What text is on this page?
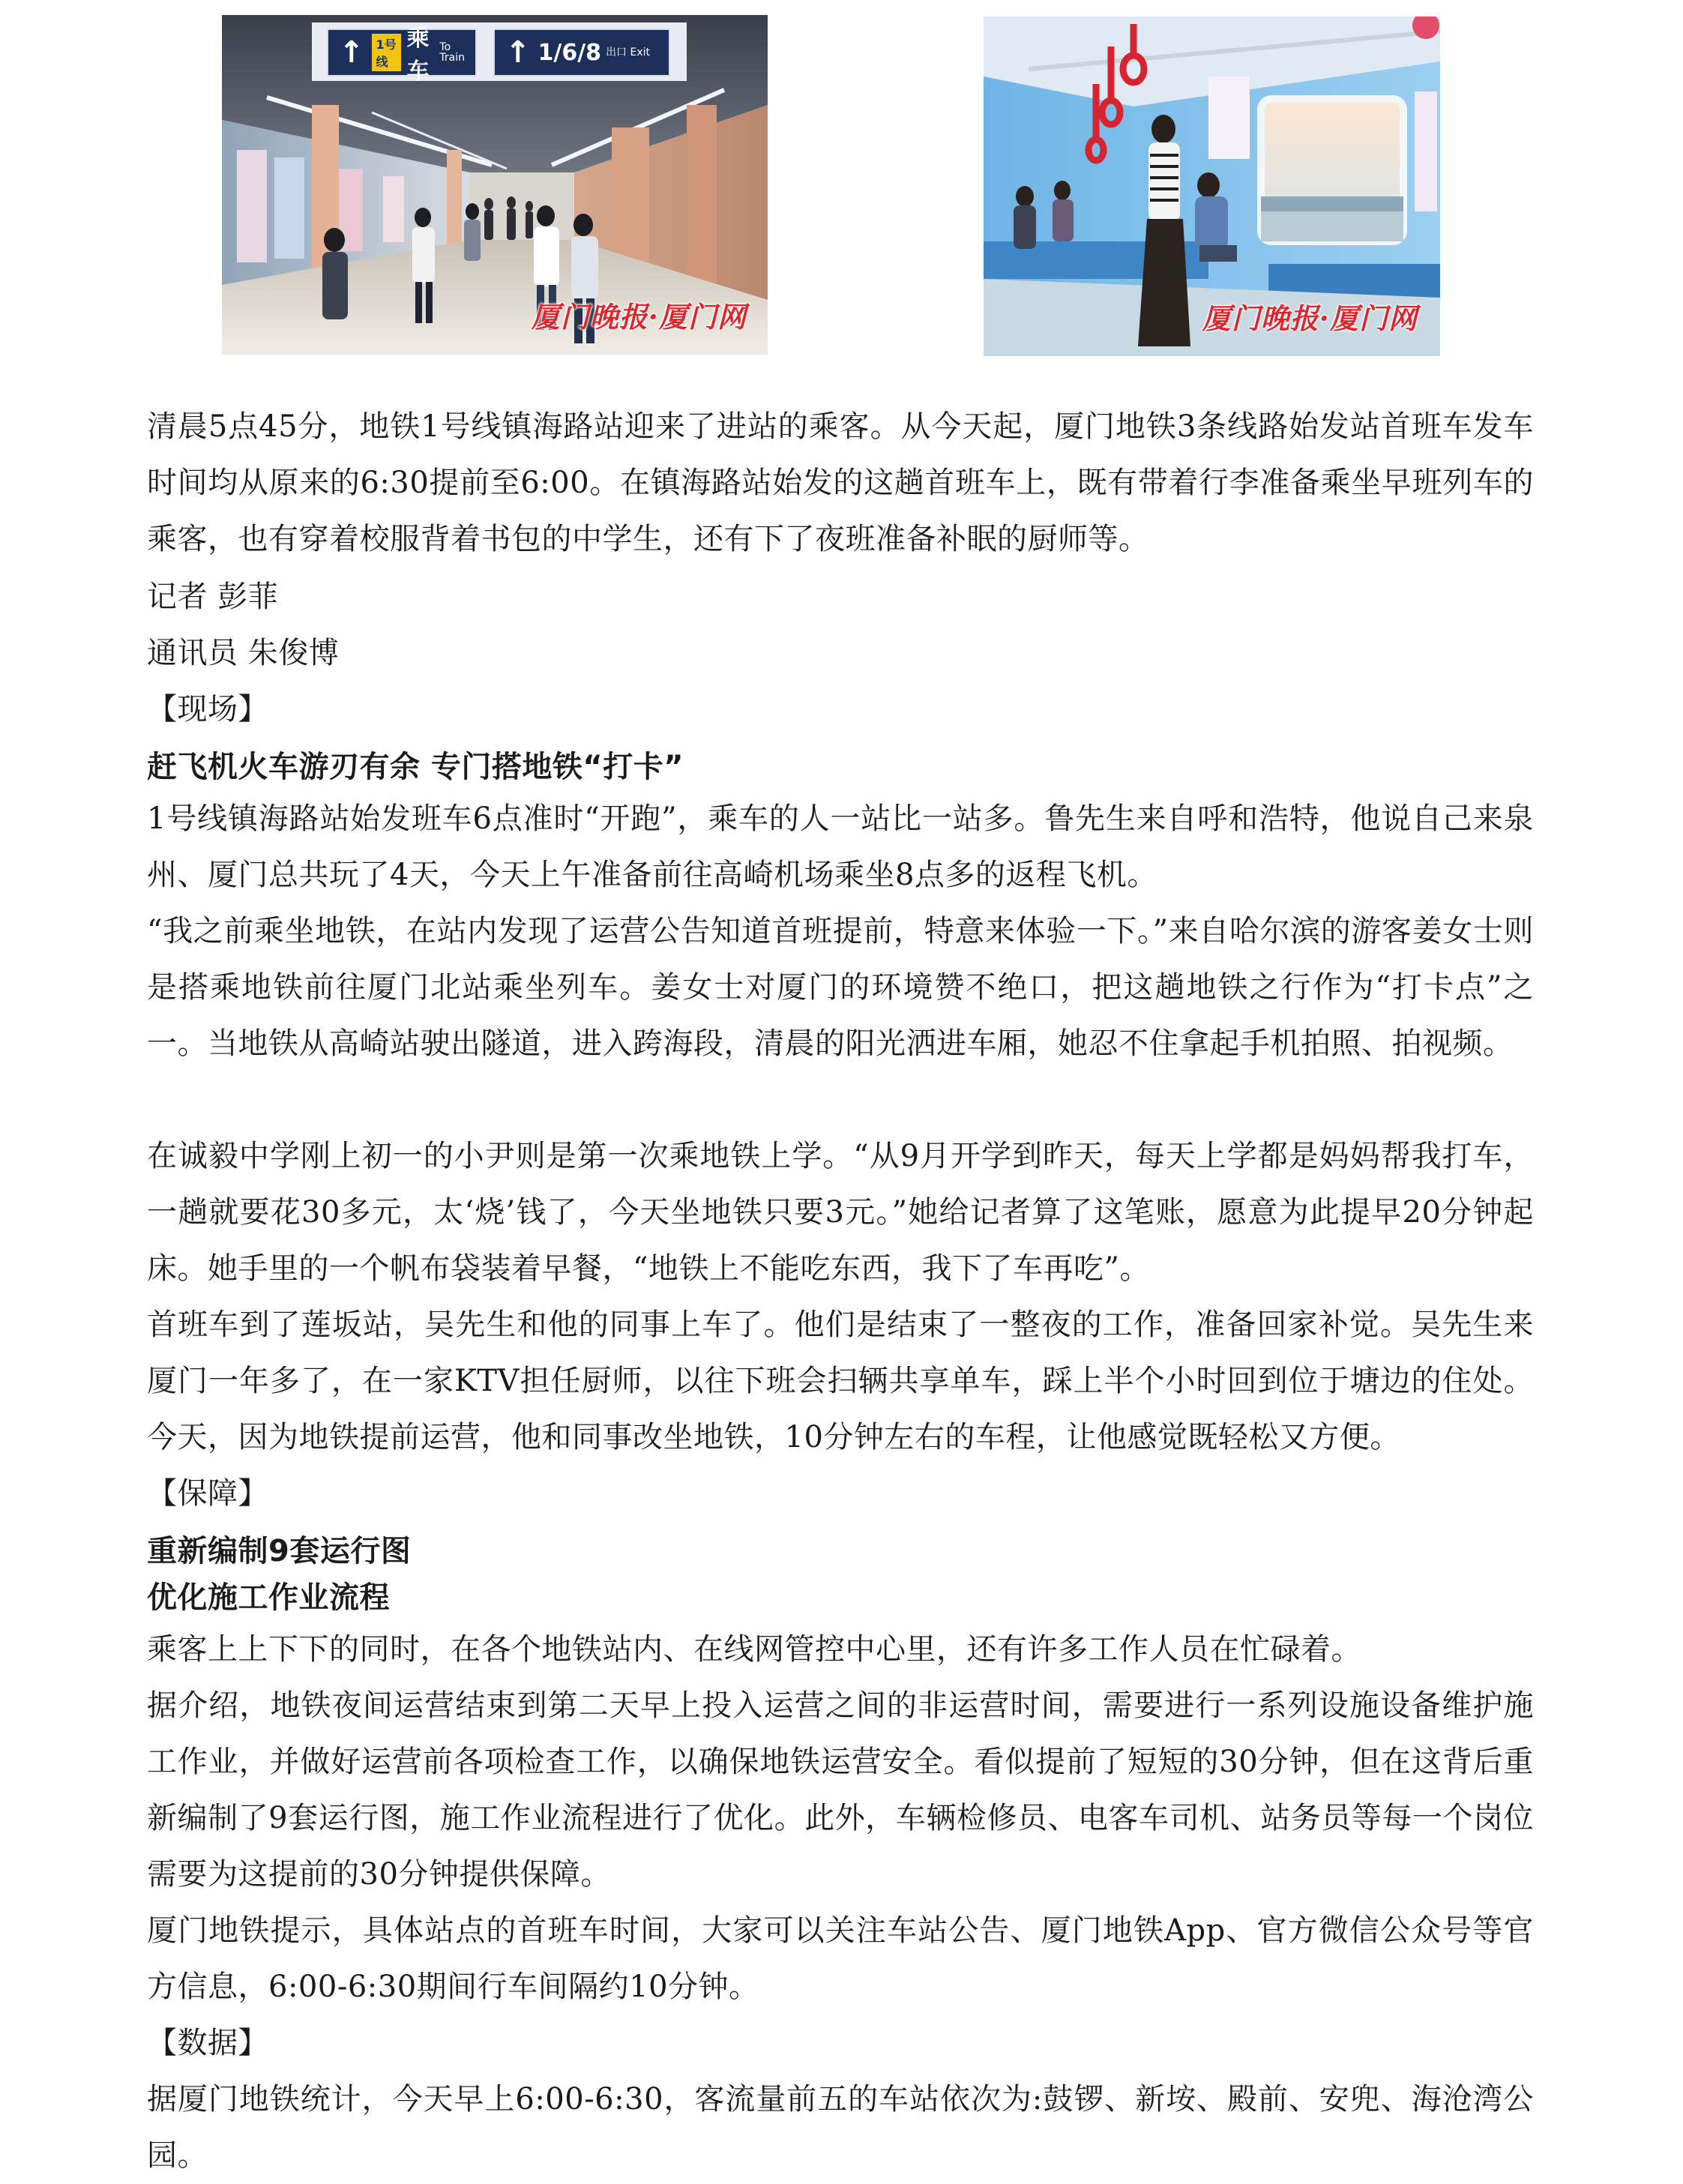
↑	1号线
乘车
To Train ↑ 1/6/8 出口 Exit
厦门晚报·厦门网	厦门晚报·厦门网

清晨5点45分，地铁1号线镇海路站迎来了进站的乘客。从今天起，厦门地铁3条线路始发站首班车发车时间均从原来的6:30提前至6:00。在镇海路站始发的这趟首班车上，既有带着行李准备乘坐早班列车的乘客，也有穿着校服背着书包的中学生，还有下了夜班准备补眠的厨师等。

记者 彭菲

通讯员 朱俊博

【现场】

赶飞机火车游刃有余 专门搭地铁“打卡”

1号线镇海路站始发班车6点准时“开跑”，乘车的人一站比一站多。鲁先生来自呼和浩特，他说自己来泉州、厦门总共玩了4天，今天上午准备前往高崎机场乘坐8点多的返程飞机。

“我之前乘坐地铁，在站内发现了运营公告知道首班提前，特意来体验一下。”来自哈尔滨的游客姜女士则是搭乘地铁前往厦门北站乘坐列车。姜女士对厦门的环境赞不绝口，把这趟地铁之行作为“打卡点”之一。当地铁从高崎站驶出隧道，进入跨海段，清晨的阳光洒进车厢，她忍不住拿起手机拍照、拍视频。

在诚毅中学刚上初一的小尹则是第一次乘地铁上学。“从9月开学到昨天，每天上学都是妈妈帮我打车，一趟就要花30多元，太‘烧’钱了，今天坐地铁只要3元。”她给记者算了这笔账，愿意为此提早20分钟起床。她手里的一个帆布袋装着早餐，“地铁上不能吃东西，我下了车再吃”。

首班车到了莲坂站，吴先生和他的同事上车了。他们是结束了一整夜的工作，准备回家补觉。吴先生来厦门一年多了，在一家KTV担任厨师，以往下班会扫辆共享单车，踩上半个小时回到位于塘边的住处。今天，因为地铁提前运营，他和同事改坐地铁，10分钟左右的车程，让他感觉既轻松又方便。

【保障】

重新编制9套运行图

优化施工作业流程

乘客上上下下的同时，在各个地铁站内、在线网管控中心里，还有许多工作人员在忙碌着。

据介绍，地铁夜间运营结束到第二天早上投入运营之间的非运营时间，需要进行一系列设施设备维护施工作业，并做好运营前各项检查工作，以确保地铁运营安全。看似提前了短短的30分钟，但在这背后重新编制了9套运行图，施工作业流程进行了优化。此外，车辆检修员、电客车司机、站务员等每一个岗位需要为这提前的30分钟提供保障。

厦门地铁提示，具体站点的首班车时间，大家可以关注车站公告、厦门地铁App、官方微信公众号等官方信息，6:00-6:30期间行车间隔约10分钟。

【数据】

据厦门地铁统计，今天早上6:00-6:30，客流量前五的车站依次为:鼓锣、新垵、殿前、安兜、海沧湾公园。
